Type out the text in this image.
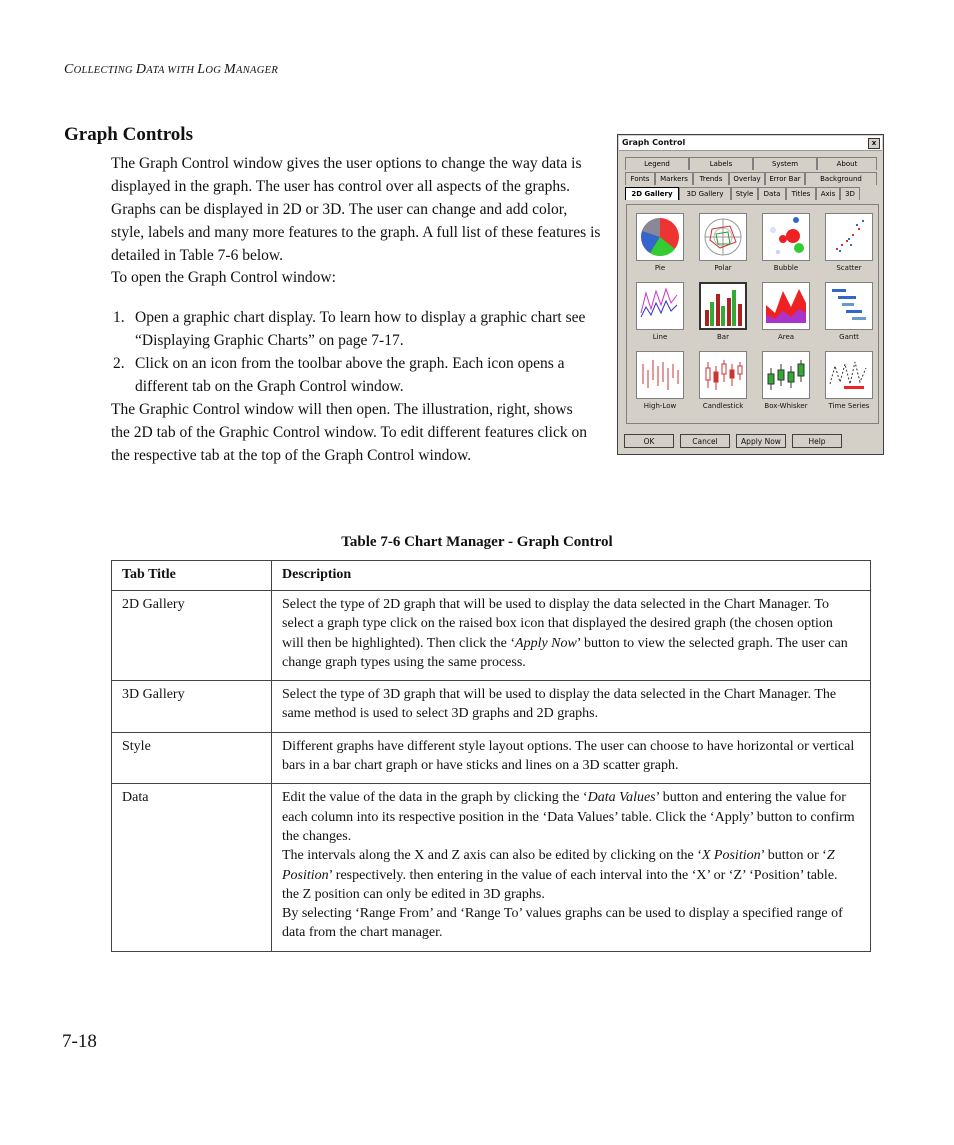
COLLECTING DATA WITH LOG MANAGER
Graph Controls
The Graph Control window gives the user options to change the way data is displayed in the graph. The user has control over all aspects of the graphs. Graphs can be displayed in 2D or 3D. The user can change and add color, style, labels and many more features to the graph. A full list of these features is detailed in Table 7-6 below.
To open the Graph Control window:
1. Open a graphic chart display. To learn how to display a graphic chart see “Displaying Graphic Charts” on page 7-17.
2. Click on an icon from the toolbar above the graph. Each icon opens a different tab on the Graph Control window.
The Graphic Control window will then open. The illustration, right, shows the 2D tab of the Graphic Control window. To edit different features click on the respective tab at the top of the Graph Control window.
Graph Control	x
Legend	Labels	System	About
Fonts	Markers	Trends	Overlay	Error Bar	Background
2D Gallery	3D Gallery	Style	Data	Titles	Axis	3D
Pie	Polar	Bubble	Scatter
Line	Bar	Area	Gantt
High-Low	Candlestick	Box-Whisker	Time Series
OK	Cancel	Apply Now	Help
Table 7-6 Chart Manager - Graph Control
Tab Title	Description
2D Gallery	Select the type of 2D graph that will be used to display the data selected in the Chart Manager. To select a graph type click on the raised box icon that displayed the desired graph (the chosen option will then be highlighted). Then click the ‘Apply Now’ button to view the selected graph. The user can change graph types using the same process.
3D Gallery	Select the type of 3D graph that will be used to display the data selected in the Chart Manager. The same method is used to select 3D graphs and 2D graphs.
Style	Different graphs have different style layout options. The user can choose to have horizontal or vertical bars in a bar chart graph or have sticks and lines on a 3D scatter graph.
Data	Edit the value of the data in the graph by clicking the ‘Data Values’ button and entering the value for each column into its respective position in the ‘Data Values’ table. Click the ‘Apply’ button to confirm the changes.
The intervals along the X and Z axis can also be edited by clicking on the ‘X Position’ button or ‘Z Position’ respectively. then entering in the value of each interval into the ‘X’ or ‘Z’ ‘Position’ table. the Z position can only be edited in 3D graphs.
By selecting ‘Range From’ and ‘Range To’ values graphs can be used to display a specified range of data from the chart manager.
7-18
